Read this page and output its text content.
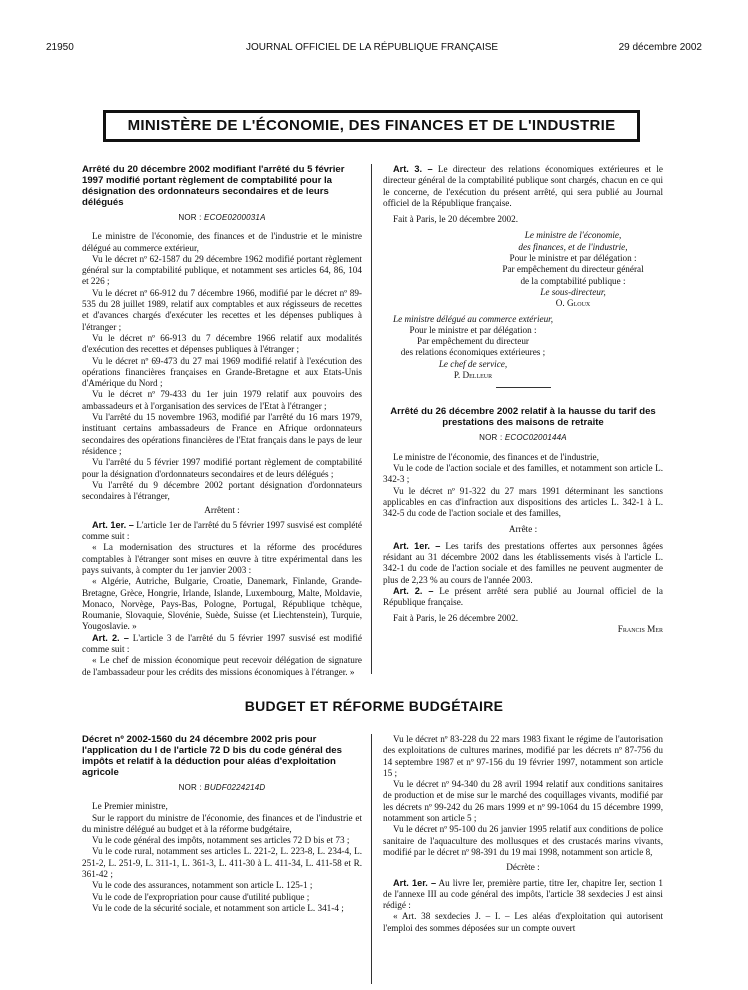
21950	JOURNAL OFFICIEL DE LA RÉPUBLIQUE FRANÇAISE	29 décembre 2002
MINISTÈRE DE L'ÉCONOMIE, DES FINANCES ET DE L'INDUSTRIE
Arrêté du 20 décembre 2002 modifiant l'arrêté du 5 février 1997 modifié portant règlement de comptabilité pour la désignation des ordonnateurs secondaires et de leurs délégués
NOR : ECOE0200031A

Le ministre de l'économie, des finances et de l'industrie et le ministre délégué au commerce extérieur,

Vu le décret nº 62-1587 du 29 décembre 1962 modifié portant règlement général sur la comptabilité publique, et notamment ses articles 64, 86, 104 et 226 ;

Vu le décret nº 66-912 du 7 décembre 1966, modifié par le décret nº 89-535 du 28 juillet 1989, relatif aux comptables et aux régisseurs de recettes et d'avances chargés d'exécuter les recettes et les dépenses publiques à l'étranger ;

Vu le décret nº 66-913 du 7 décembre 1966 relatif aux modalités d'exécution des recettes et dépenses publiques à l'étranger ;

Vu le décret nº 69-473 du 27 mai 1969 modifié relatif à l'exécution des opérations financières françaises en Grande-Bretagne et aux Etats-Unis d'Amérique du Nord ;

Vu le décret nº 79-433 du 1er juin 1979 relatif aux pouvoirs des ambassadeurs et à l'organisation des services de l'Etat à l'étranger ;

Vu l'arrêté du 15 novembre 1963, modifié par l'arrêté du 16 mars 1979, instituant certains ambassadeurs de France en Afrique ordonnateurs secondaires des opérations financières de l'Etat français dans le pays de leur résidence ;

Vu l'arrêté du 5 février 1997 modifié portant règlement de comptabilité pour la désignation d'ordonnateurs secondaires et de leurs délégués ;

Vu l'arrêté du 9 décembre 2002 portant désignation d'ordonnateurs secondaires à l'étranger,

Arrêtent :

Art. 1er. – L'article 1er de l'arrêté du 5 février 1997 susvisé est complété comme suit :

« La modernisation des structures et la réforme des procédures comptables à l'étranger sont mises en œuvre à titre expérimental dans les pays suivants, à compter du 1er janvier 2003 :

« Algérie, Autriche, Bulgarie, Croatie, Danemark, Finlande, Grande-Bretagne, Grèce, Hongrie, Irlande, Islande, Luxembourg, Malte, Moldavie, Monaco, Norvège, Pays-Bas, Pologne, Portugal, République tchèque, Roumanie, Slovaquie, Slovénie, Suède, Suisse (et Liechtenstein), Turquie, Yougoslavie. »

Art. 2. – L'article 3 de l'arrêté du 5 février 1997 susvisé est modifié comme suit :

« Le chef de mission économique peut recevoir délégation de signature de l'ambassadeur pour les crédits des missions économiques à l'étranger. »

Art. 3. – Le directeur des relations économiques extérieures et le directeur général de la comptabilité publique sont chargés, chacun en ce qui le concerne, de l'exécution du présent arrêté, qui sera publié au Journal officiel de la République française.

Fait à Paris, le 20 décembre 2002.

Le ministre de l'économie,
des finances, et de l'industrie,
Pour le ministre et par délégation :
Par empêchement du directeur général
de la comptabilité publique :
Le sous-directeur,
O. Gloux
Le ministre délégué au commerce extérieur,
Pour le ministre et par délégation :
Par empêchement du directeur
des relations économiques extérieures ;
Le chef de service,
P. Delleur
Arrêté du 26 décembre 2002 relatif à la hausse du tarif des prestations des maisons de retraite
NOR : ECOC0200144A

Le ministre de l'économie, des finances et de l'industrie,

Vu le code de l'action sociale et des familles, et notamment son article L. 342-3 ;

Vu le décret nº 91-322 du 27 mars 1991 déterminant les sanctions applicables en cas d'infraction aux dispositions des articles L. 342-1 à L. 342-5 du code de l'action sociale et des familles,

Arrête :

Art. 1er. – Les tarifs des prestations offertes aux personnes âgées résidant au 31 décembre 2002 dans les établissements visés à l'article L. 342-1 du code de l'action sociale et des familles ne peuvent augmenter de plus de 2,23 % au cours de l'année 2003.

Art. 2. – Le présent arrêté sera publié au Journal officiel de la République française.

Fait à Paris, le 26 décembre 2002.

Francis Mer

BUDGET ET RÉFORME BUDGÉTAIRE
Décret nº 2002-1560 du 24 décembre 2002 pris pour l'application du I de l'article 72 D bis du code général des impôts et relatif à la déduction pour aléas d'exploitation agricole
NOR : BUDF0224214D

Le Premier ministre,

Sur le rapport du ministre de l'économie, des finances et de l'industrie et du ministre délégué au budget et à la réforme budgétaire,

Vu le code général des impôts, notamment ses articles 72 D bis et 73 ;

Vu le code rural, notamment ses articles L. 221-2, L. 223-8, L. 234-4, L. 251-2, L. 251-9, L. 311-1, L. 361-3, L. 411-30 à L. 411-34, L. 411-58 et R. 361-42 ;

Vu le code des assurances, notamment son article L. 125-1 ;

Vu le code de l'expropriation pour cause d'utilité publique ;

Vu le code de la sécurité sociale, et notamment son article L. 341-4 ;

Vu le décret nº 83-228 du 22 mars 1983 fixant le régime de l'autorisation des exploitations de cultures marines, modifié par les décrets nº 87-756 du 14 septembre 1987 et nº 97-156 du 19 février 1997, notamment son article 15 ;

Vu le décret nº 94-340 du 28 avril 1994 relatif aux conditions sanitaires de production et de mise sur le marché des coquillages vivants, modifié par les décrets nº 99-242 du 26 mars 1999 et nº 99-1064 du 15 décembre 1999, notamment son article 5 ;

Vu le décret nº 95-100 du 26 janvier 1995 relatif aux conditions de police sanitaire de l'aquaculture des mollusques et des crustacés marins vivants, modifié par le décret nº 98-391 du 19 mai 1998, notamment son article 8,

Décrète :

Art. 1er. – Au livre Ier, première partie, titre Ier, chapitre Ier, section 1 de l'annexe III au code général des impôts, l'article 38 sexdecies J est ainsi rédigé :

« Art. 38 sexdecies J. – I. – Les aléas d'exploitation qui autorisent l'emploi des sommes déposées sur un compte ouvert
